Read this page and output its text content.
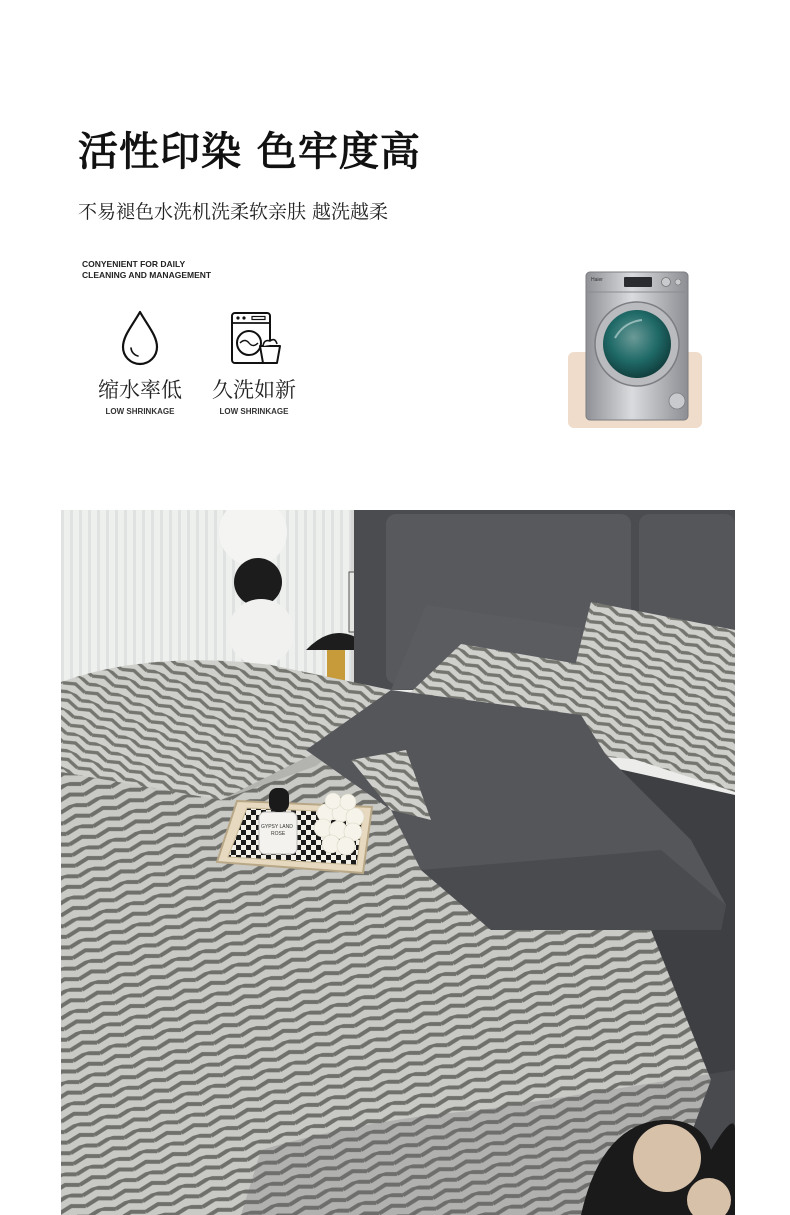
活性印染 色牢度高

不易褪色水洗机洗柔软亲肤 越洗越柔

CONYENIENT FOR DAILY
CLEANING AND MANAGEMENT
缩水率低
LOW SHRINKAGE
久洗如新
LOW SHRINKAGE
Haier
GYPSY LAND
ROSE
